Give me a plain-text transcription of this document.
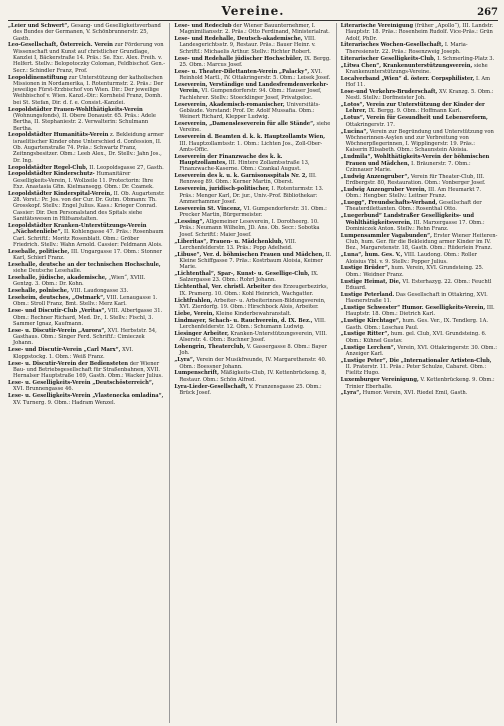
Vereine.	267
„Leier und Schwert“, Gesang- und Geselligkeitsverband des Bundes der Germanen, V. Schönbrunnerstr. 25, Gasth.
Leo-Gesellschaft, Österreich. Verein zur Förderung von Wissenschaft und Kunst auf christlicher Grundlage, Kanzlei I, Bäckerstraße 14. Präs.: Se. Exc. Alex. Freih. v. Helfert. Stellv.: Belopotoczky Coloman, Feldbischof. Gen.-Secr.: Schindler Franz, Prof.
Leopoldinenstiftung zur Unterstützung der katholischen Missionen in Nordamerika, I. Rotenturmstr. 2. Präs.: Der jeweilige Fürst-Erzbischof von Wien. Dir.: Der jeweilige Weihbischof v. Wien. Kanzl.-Dir.: Kornheisl Franz, Domh. bei St. Stefan, Dir. d. f. e. Consist.-Kanzlei.
Leopoldstädter Frauen-Wohlthätigkeits-Verein (Wohnungsfonds), II. Obere Donaustr. 65. Präs.: Adele Bertha, II. Stephaniestr. 2. Verwalterin: Schulmann Bertha.
Leopoldstädter Humanitäts-Verein z. Bekleidung armer israelitischer Kinder ohne Unterschied d. Confession, II. Ob. Augartenstraße 74. Präs.: Schwartz Franz, Zeitnngsbesitzer. Obm.: Leeb Alex., Dr. Stellv.: Jahn Jos., Dr. Ing.
Leopoldstädter Regel-Club, II. Leopoldsgasse 27, Gasth.
Leopoldstädter Kinderschutz- Humanitärer Geselligkeits-Verein, I. Wollzeile 11. Protectorin: Ihre Exz. Anastasia Gfin. Kielmansegg. Obm.: Dr. Czamek.
Leopoldstädter Kinderspital-Verein, II. Ob. Augartenstr. 28. Vorst.: Pr. Jos. von der Cur. Dr. Gutm. Obmann: Th. Grosskopf. Stellv.: Engel Julius. Kass.: Krieger Conrad. Cassier: Dir. Den Personalstand des Spitals siehe Sanitätswesen in Hilfsanstalten.
Leopoldstädter Kranken-Unterstützungs-Verein „Nächstenliebe“, II. Kohlengasse 47. Präs.: Rosenbaum Carl. Schriftf.: Moritz Rosenblatt. Obm.: Gröber Friedrich. Stellv.: Wahn Arnold. Cassier: Feldmann Alois.
Leseballe, politische, III. Ungargasse 17. Obm.: Stonner Karl, Schierl Franz.
Lesehalle, deutsche an der technischen Hochschule, siehe Deutsche Lesehalle.
Lesehalle, jüdische, akademische, „Wien“, XVIII. Gentzg. 3. Obm.: Dr. Kohn.
Lesehalle, polnische, VIII. Laudongasse 33.
Leseheim, deutsches, „Ostmark“, VIII. Lenaugasse 1. Obm.: Stroll Franz, Bmt. Stellv.: Merz Karl.
Lese- und Discutir-Club „Veritas“, VIII. Albertgasse 31. Obm.: Rechner Richard, Med. Dr., I. Stellv.: Fischl, 3. Sammer Ignaz, Kaufmann.
Lese- u. Discutir-Verein „Aurora“, XVI. Herbststr. 54, Gasthaus. Obm.: Singer Ferd. Schriftf.: Cimieczek Johann.
Lese- und Discutir-Verein „Carl Marx“, XVI. Kloppstockg. 1. Obm.: Weiß Franz.
Lese- u. Discutir-Verein der Bediensteten der Wiener Bau- und Betriebsgesellschaft für Straßenbahnen, XVII. Hernalser Hauptstraße 169, Gasth. Obm.: Wacker Julius.
Lese- u. Geselligkeits-Verein „Deutschösterreich“, XVI. Brunnengasse 46.
Lese- u. Geselligkeits-Verein „Vlastenecka omladina“, XV. Turnerg. 9. Obm.: Hadram Wenzel.
Lese- und Redeclub der Wiener Bauunternehmer, I. Magnimiliansstr. 2. Präs.: Otto Ferdinand, Ministerialrat.
Lese- und Redehalle, Deutsch-akademische, VIII. Landesgerichtsstr. 9, Restaur. Präs.: Bauer Heinr. v. Schriftf.: Michaelis Arthur. Stellv.: Richter Robert.
Lese- und Redehalle jüdischer Hochschüler, IX. Bergg. 25. Obm.: Marcus Josef.
Lese- u. Theater-Dilettanten-Verein „Palacky“, XVI. Reinhold Martl., IV. Ottakringerstr. 5. Obm.: Leisek Josef.
Leseverein, Verständige und Landesfremdenverkehr-Verein, VI. Gumpendorferstr. 94. Obm.: Hauser Josef, Fachlehrer. Stellv.: Stoecklinger Josef, Privatgeloc.
Leseverein, Akademisch-romanischer, Universitäts-Gebäude. Vorstand: Prof. Dr. Adolf Mussafia. Obm.: Weinert Richard, Klepper Ludwig.
Leseverein, „Damensleseverein für alle Stände“, siehe Vereine.
Leseverein d. Beamten d. k. k. Hauptzollamts Wien, III. Hauptzollamtsstr. 1. Obm.: Lichten Jos., Zoll-Ober-Amts-Offic.
Leseverein der Finanzwache des k. k. Hauptzollamtes, III. Hintere Zollamtsstraße 13, Finanzwache-Kaserne. Obm.: Czankal August.
Leseverein des k. u. k. Garnisonsspitals Nr. 2, III. Rennweg 89. Obm.: Kerner Martin, Oberst.
Leseverein, juridisch-politischer, I. Rotenturmstr. 13. Präs.: Menger Karl, Dr. jur., Univ.-Prof. Bibliothekar: Ammerhammer Josef.
Leseverein St. Vincenz, VI. Gumpendorferstr. 31. Obm.: Precker Martin, Bürgermeister.
„Lessing“, Allgemeiner Leseverein, I. Dorotheerg. 10. Präs.: Neumann Wilhelm, JD. Ans. Ob. Secr.: Sobotka Josef. Schriftf.: Maier Josef.
„Liberitas“, Frauen- u. Mädchenklub, VIII. Lerchenfelderstr. 13. Präs.: Popp Adelheid.
„Libuse“, Ver. d. böhmischen Frauen und Mädchen, II. Kleine Schiffgasse 7. Präs.: Kostrbaum Aloisia, Keimer Marie.
„Lichtenthal“, Spar-, Kunst- u. Gesellige-Club, IX. Salzergasse 23. Obm.: Rohrl Johann.
Lichtenthal, Ver. christl. Arbeiter des Erzeugerbezirks, IX. Pramerg. 10. Obm.: Kohl Heinrich, Wachgatter.
Lichtfrahlen, Arbeiter- u. Arbeiterinnen-Bildungsverein, XVI. Zierdorfg. 19. Obm.: Hirschbock Alois, Arbeiter.
Liebe, Verein, Kleine Kinderbewahranstalt.
Lindmayer, Schach- u. Rauchverein, d. IX. Bez., VIII. Lerchenfelderstr. 12. Obm.: Schumann Ludwig.
Liesinger Arbeiter, Kranken-Unterstützungsverein, VIII. Alserstr. 4. Obm.: Buchner Josef.
Lohengrin, Theaterclub, V. Gassergasse 8. Obm.: Bayer Joh.
„Lyra“, Verein der Musikfreunde, IV. Margarethenstr. 40. Obm.: Boessner Johann.
Lumpenschrift, Mäßigkeits-Club, IV. Kettenbrückeng. 8, Restaur. Obm.: Schön Alfred.
Lyra-Lieder-Gesellschaft, V. Franzensgasse 25. Obm.: Brück Josef.
Literarische Vereinigung (früher „Apollo“), III. Landstr. Hauptstr. 18. Präs.: Rosenheim Rudolf. Vice-Präs.: Grün Adolf, PhDr.
Literarisches Wochen-Gesellschaft, I. Maria-Theresienstr. 22. Präs.: Rosenzweig Joseph.
Literarischer Geselligkeits-Club, I. Schmerling-Platz 3.
„Litwa Chen“, Krankenunterstützungsverein, siehe Krankenunterstützungs-Vereine.
Localverband „Wien“ d. österr. Corpsphilister, I. Am Hof 11.
Lose-und Verkehrs-Bruderschaft, XV. Kranzg. 5. Obm.: Nestl. Stellv.: Dorfmeister Joh.
„Lotos“, Verein zur Unterstützung der Kinder der Lehrer, IX. Bergg. 9. Obm.: Hoffmann Karl.
„Lotus“, Verein für Gesundheit und Lebensreform, Ottakringerstr. 17.
„Lucina“, Verein zur Begründung und Unterstützung von Wöchnerinnen-Asylen und zur Verbreitung von Wöchnerpflegerinnen, I. Wipplingerstr. 19. Präs.: Kaiserin Elisabeth. Obm.: Schaunstein Aloisia.
„Ludmila“, Wohlthätigkeits-Verein der böhmischen Frauen und Mädchen, I. Bräunerstr. 7. Obm.: Czinnauer Marie.
„Ludwig Anzengruber“, Verein für Theater-Club, III. Erdbergstr. 80, Restauration. Obm.: Vonberger Josef.
„Ludwig Anzengruber Verein, III. Am Heumarkt 7. Obm.: Hengber. Stellv.: Leitner Franz.
„Luegg“, Freundschafts-Verband, Gesellschaft der Theaterdilettanten. Obm.: Rosenthal Otto.
„Luegerbund“ Landstraßer Geselligkeits- und Wohlthätigkeitsverein, III. Marxergasse 17. Obm.: Dominiczek Anton. Stellv.: Rehn Franz.
Lumpensammler Vagabunden“, Erster Wiener Heiteren-Club, hum. Ger. für die Bekleidung armer Kinder im IV. Bez., Margaretenstr. 18, Gasth. Obm.: Rüderlein Franz.
„Luna“, hum. Ges. V., VIII. Laudong. Obm.: Roller Aloisius Ybl. v. 9. Stellv.: Popper Julius.
Lustige Brüder“, hum. Verein, XVI. Grundsteing. 25. Obm.: Weidner Franz.
Lustige Heimat, Die, VI. Esterhazyg. 22. Obm.: Feuchtl Eduard.
Lustige Peterland. Das Gesellschaft in Ottakring, XVI. Hasnerstraße 11.
„Lustige Schwester“ Humor. Geselligkeits-Verein, III. Hauptstr. 18. Obm.: Dietrich Karl.
„Lustige Kirchtage“, hum. Ges. Ver., IX. Tendlerg. 1A. Gasth. Obm.: Loschau Paul.
„Lustige Ritter“, hum. gel. Club, XVI. Grundsteing. 6. Obm.: Kühnel Gustav.
„Lustige Lerchen“, Verein, XVI. Ottakringerstr. 30. Obm.: Anzeiger Karl.
„Lustige Peter“, Die „Internationaler Artisten-Club, II. Praterstr. 11. Präs.: Peter Schulze, Cabaret. Obm.: Fielitz Hugo.
Luxemburger Vereinigung, V. Kettenbrückeng. 9. Obm.: Trinier Eberhalle.
„Lyra“, Humor. Verein, XVI. Riedel Emil, Gasth.
